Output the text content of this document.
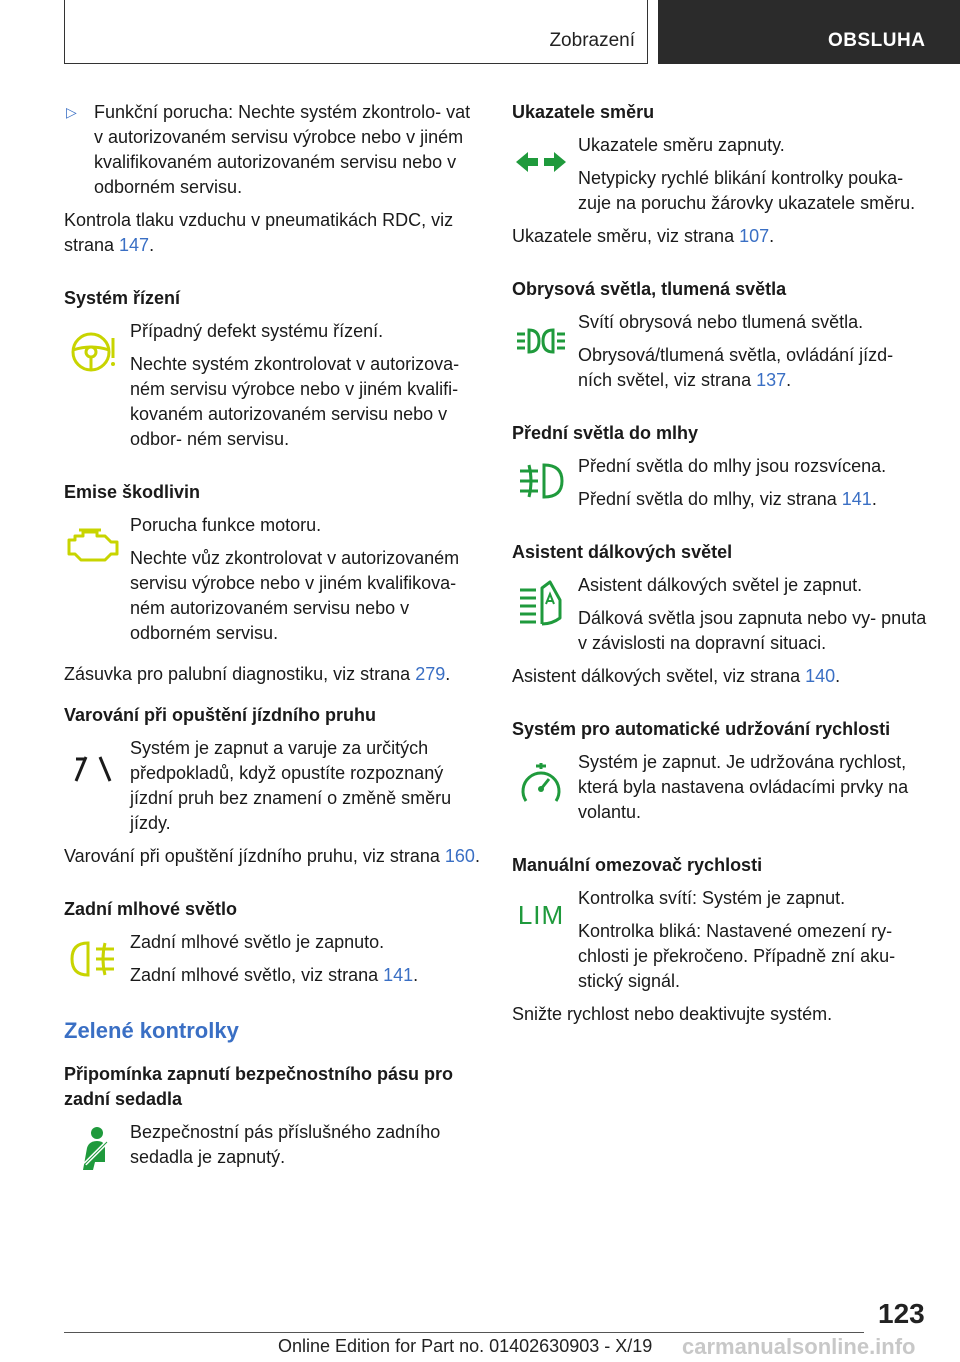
Zobrazení	OBSLUHA

▷ Funkční porucha: Nechte systém zkontrolo- vat v autorizovaném servisu výrobce nebo v jiném kvalifikovaném autorizovaném servisu nebo v odborném servisu.

Kontrola tlaku vzduchu v pneumatikách RDC, viz strana 147.

Systém řízení

Případný defekt systému řízení.

Nechte systém zkontrolovat v autorizova- ném servisu výrobce nebo v jiném kvalifi- kovaném autorizovaném servisu nebo v odbor- ném servisu.

Emise škodlivin

Porucha funkce motoru.

Nechte vůz zkontrolovat v autorizovaném servisu výrobce nebo v jiném kvalifikova- ném autorizovaném servisu nebo v odborném servisu.

Zásuvka pro palubní diagnostiku, viz strana 279.

Varování při opuštění jízdního pruhu

Systém je zapnut a varuje za určitých předpokladů, když opustíte rozpoznaný jízdní pruh bez znamení o změně směru jízdy.

Varování při opuštění jízdního pruhu, viz strana 160.

Zadní mlhové světlo

Zadní mlhové světlo je zapnuto.

Zadní mlhové světlo, viz strana 141.

Zelené kontrolky
Připomínka zapnutí bezpečnostního pásu pro zadní sedadla

Bezpečnostní pás příslušného zadního sedadla je zapnutý.

Ukazatele směru

Ukazatele směru zapnuty.

Netypicky rychlé blikání kontrolky pouka- zuje na poruchu žárovky ukazatele směru.

Ukazatele směru, viz strana 107.

Obrysová světla, tlumená světla

Svítí obrysová nebo tlumená světla.

Obrysová/tlumená světla, ovládání jízd- ních světel, viz strana 137.

Přední světla do mlhy

Přední světla do mlhy jsou rozsvícena.

Přední světla do mlhy, viz strana 141.

Asistent dálkových světel

Asistent dálkových světel je zapnut.

Dálková světla jsou zapnuta nebo vy- pnuta v závislosti na dopravní situaci.

Asistent dálkových světel, viz strana 140.

Systém pro automatické udržování rychlosti

Systém je zapnut. Je udržována rychlost, která byla nastavena ovládacími prvky na volantu.

Manuální omezovač rychlosti
LIM

Kontrolka svítí: Systém je zapnut.

Kontrolka bliká: Nastavené omezení ry- chlosti je překročeno. Případně zní aku- stický signál.

Snižte rychlost nebo deaktivujte systém.

123
Online Edition for Part no. 01402630903 - X/19 carmanualsonline.info
